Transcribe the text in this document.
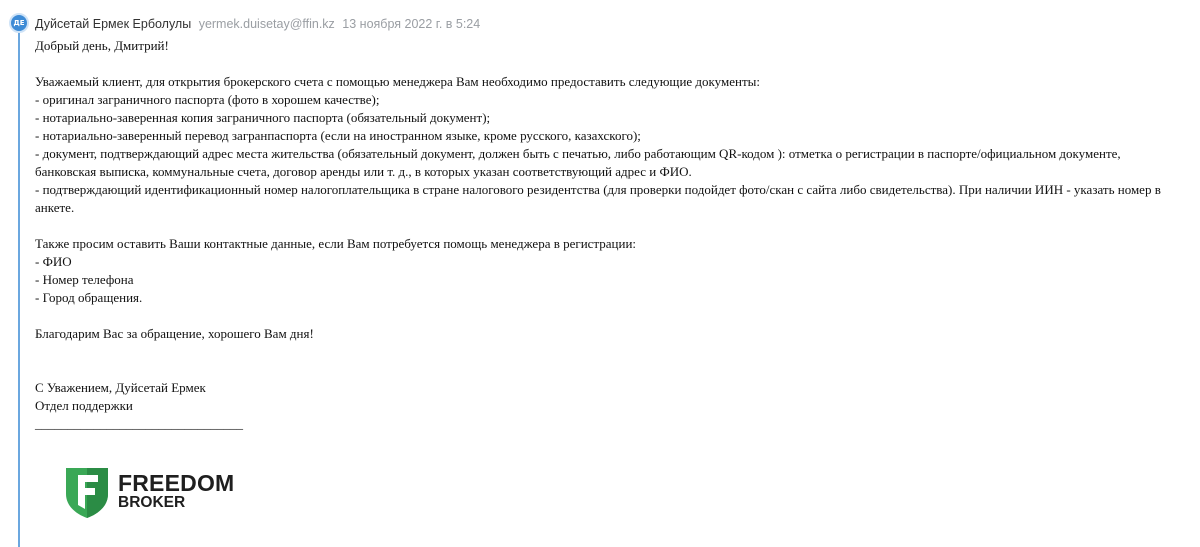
ДЕ Дуйсетай Ермек Ерболулы yermek.duisetay@ffin.kz 13 ноября 2022 г. в 5:24
Добрый день, Дмитрий!
Уважаемый клиент, для открытия брокерского счета с помощью менеджера Вам необходимо предоставить следующие документы:
- оригинал заграничного паспорта (фото в хорошем качестве);
- нотариально-заверенная копия заграничного паспорта (обязательный документ);
- нотариально-заверенный перевод загранпаспорта (если на иностранном языке, кроме русского, казахского);
- документ, подтверждающий адрес места жительства (обязательный документ, должен быть с печатью, либо работающим QR-кодом ): отметка о регистрации в паспорте/официальном документе,
банковская выписка, коммунальные счета, договор аренды или т. д., в которых указан соответствующий адрес и ФИО.
- подтверждающий идентификационный номер налогоплательщика в стране налогового резидентства (для проверки подойдет фото/скан с сайта либо свидетельства). При наличии ИИН - указать номер в
анкете.
Также просим оставить Ваши контактные данные, если Вам потребуется помощь менеджера в регистрации:
- ФИО
- Номер телефона
- Город обращения.
Благодарим Вас за обращение, хорошего Вам дня!
С Уважением, Дуйсетай Ермек
Отдел поддержки
________________________________
FREEDOM
BROKER
